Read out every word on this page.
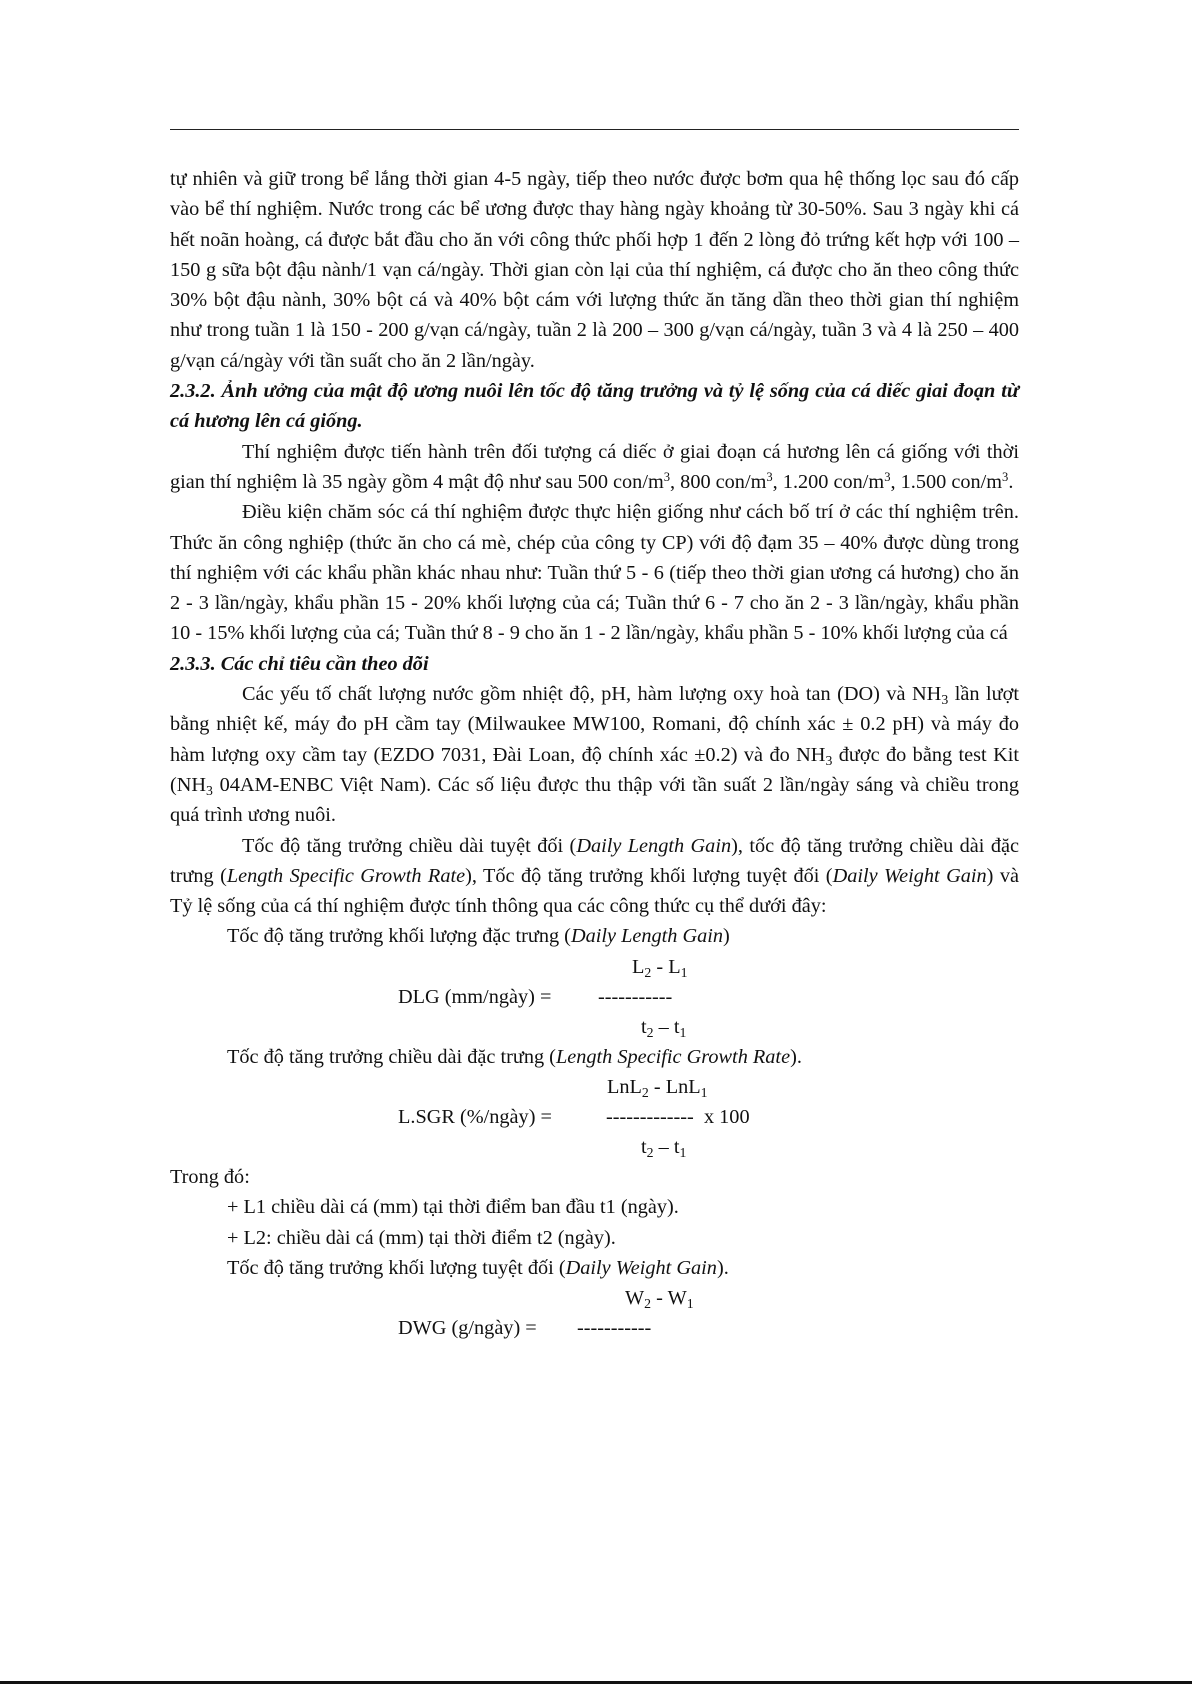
tự nhiên và giữ trong bể lắng thời gian 4-5 ngày, tiếp theo nước được bơm qua hệ thống lọc sau đó cấp vào bể thí nghiệm. Nước trong các bể ương được thay hàng ngày khoảng từ 30-50%. Sau 3 ngày khi cá hết noãn hoàng, cá được bắt đầu cho ăn với công thức phối hợp 1 đến 2 lòng đỏ trứng kết hợp với 100 – 150 g sữa bột đậu nành/1 vạn cá/ngày. Thời gian còn lại của thí nghiệm, cá được cho ăn theo công thức 30% bột đậu nành, 30% bột cá và 40% bột cám với lượng thức ăn tăng dần theo thời gian thí nghiệm như trong tuần 1 là 150 - 200 g/vạn cá/ngày, tuần 2 là 200 – 300 g/vạn cá/ngày, tuần 3 và 4 là 250 – 400 g/vạn cá/ngày với tần suất cho ăn 2 lần/ngày.

2.3.2. Ảnh ưởng của mật độ ương nuôi lên tốc độ tăng trưởng và tỷ lệ sống của cá diếc giai đoạn từ cá hương lên cá giống.

Thí nghiệm được tiến hành trên đối tượng cá diếc ở giai đoạn cá hương lên cá giống với thời gian thí nghiệm là 35 ngày gồm 4 mật độ như sau 500 con/$m^3$, 800 con/$m^3$, 1.200 con/$m^3$, 1.500 con/$m^3$.

Điều kiện chăm sóc cá thí nghiệm được thực hiện giống như cách bố trí ở các thí nghiệm trên. Thức ăn công nghiệp (thức ăn cho cá mè, chép của công ty CP) với độ đạm 35 – 40% được dùng trong thí nghiệm với các khẩu phần khác nhau như: Tuần thứ 5 - 6 (tiếp theo thời gian ương cá hương) cho ăn 2 - 3 lần/ngày, khẩu phần 15 - 20% khối lượng của cá; Tuần thứ 6 - 7 cho ăn 2 - 3 lần/ngày, khẩu phần 10 - 15% khối lượng của cá; Tuần thứ 8 - 9 cho ăn 1 - 2 lần/ngày, khẩu phần 5 - 10% khối lượng của cá

2.3.3. Các chỉ tiêu cần theo dõi

Các yếu tố chất lượng nước gồm nhiệt độ, pH, hàm lượng oxy hoà tan (DO) và $NH_3$ lần lượt bằng nhiệt kế, máy đo pH cầm tay (Milwaukee MW100, Romani, độ chính xác ± 0.2 pH) và máy đo hàm lượng oxy cầm tay (EZDO 7031, Đài Loan, độ chính xác ±0.2) và đo $NH_3$ được đo bằng test Kit ($NH_3$ 04AM-ENBC Việt Nam). Các số liệu được thu thập với tần suất 2 lần/ngày sáng và chiều trong quá trình ương nuôi.

Tốc độ tăng trưởng chiều dài tuyệt đối (Daily Length Gain), tốc độ tăng trưởng chiều dài đặc trưng (Length Specific Growth Rate), Tốc độ tăng trưởng khối lượng tuyệt đối (Daily Weight Gain) và Tỷ lệ sống của cá thí nghiệm được tính thông qua các công thức cụ thể dưới đây:

Tốc độ tăng trưởng khối lượng đặc trưng (Daily Length Gain)

$L_2 - L_1$
DLG (mm/ngày) = -----------
$t_2 - t_1$

Tốc độ tăng trưởng chiều dài đặc trưng (Length Specific Growth Rate).

LnL$_2$ - LnL$_1$
L.SGR (%/ngày) =	------------- x 100
$t_2 - t_1$

Trong đó:

+ L1 chiều dài cá (mm) tại thời điểm ban đầu t1 (ngày).

+ L2: chiều dài cá (mm) tại thời điểm t2 (ngày).

Tốc độ tăng trưởng khối lượng tuyệt đối (Daily Weight Gain).

$W_2 - W_1$
DWG (g/ngày) = -----------
